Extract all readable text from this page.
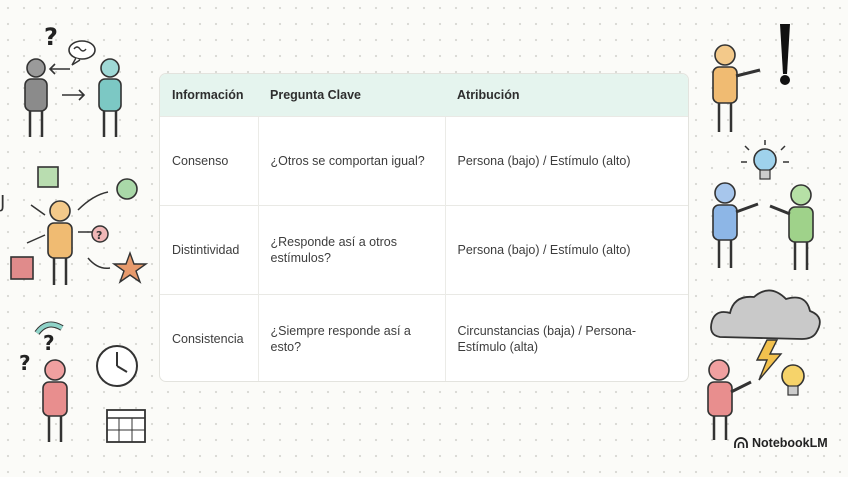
?
J
?
?
?
Información	Pregunta Clave	Atribución
Consenso	¿Otros se comportan igual?	Persona (bajo) / Estímulo (alto)
Distintividad	¿Responde así a otros estímulos?	Persona (bajo) / Estímulo (alto)
Consistencia	¿Siempre responde así a esto?	Circunstancias (baja) / Persona-Estímulo (alta)
NotebookLM
